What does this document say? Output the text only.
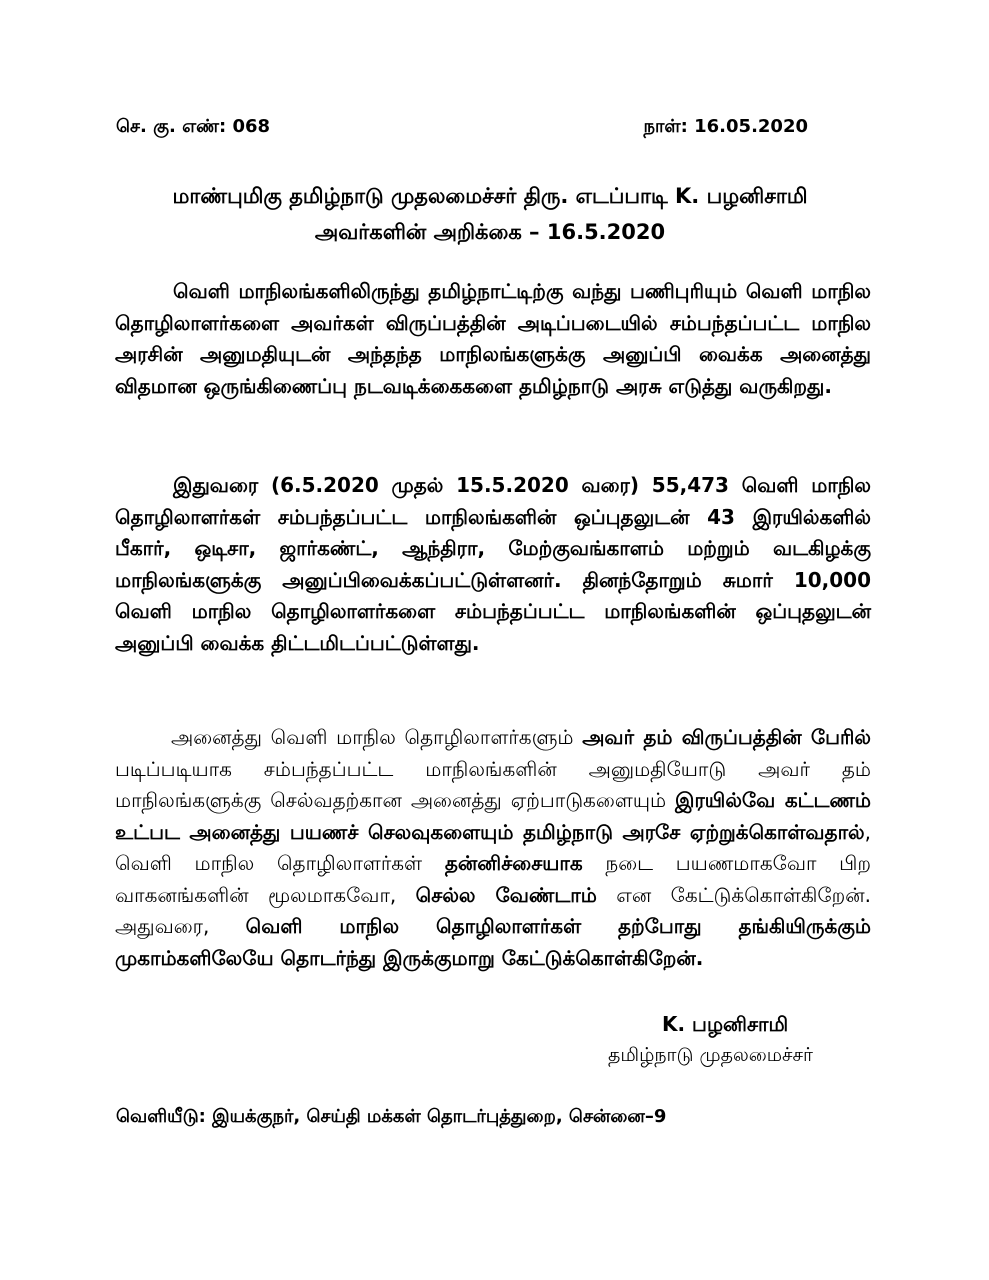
செ. கு. எண்: 068	நாள்: 16.05.2020
மாண்புமிகு தமிழ்நாடு முதலமைச்சர் திரு. எடப்பாடி K. பழனிசாமி
அவர்களின் அறிக்கை – 16.5.2020
வெளி மாநிலங்களிலிருந்து தமிழ்நாட்டிற்கு வந்து பணிபுரியும் வெளி மாநில தொழிலாளர்களை அவர்கள் விருப்பத்தின் அடிப்படையில் சம்பந்தப்பட்ட மாநில அரசின் அனுமதியுடன் அந்தந்த மாநிலங்களுக்கு அனுப்பி வைக்க அனைத்து விதமான ஒருங்கிணைப்பு நடவடிக்கைகளை தமிழ்நாடு அரசு எடுத்து வருகிறது.
இதுவரை (6.5.2020 முதல் 15.5.2020 வரை) 55,473 வெளி மாநில தொழிலாளர்கள் சம்பந்தப்பட்ட மாநிலங்களின் ஒப்புதலுடன் 43 இரயில்களில் பீகார், ஒடிசா, ஜார்கண்ட், ஆந்திரா, மேற்குவங்காளம் மற்றும் வடகிழக்கு மாநிலங்களுக்கு அனுப்பிவைக்கப்பட்டுள்ளனர். தினந்தோறும் சுமார் 10,000 வெளி மாநில தொழிலாளர்களை சம்பந்தப்பட்ட மாநிலங்களின் ஒப்புதலுடன் அனுப்பி வைக்க திட்டமிடப்பட்டுள்ளது.
அனைத்து வெளி மாநில தொழிலாளர்களும் அவர் தம் விருப்பத்தின் பேரில் படிப்படியாக சம்பந்தப்பட்ட மாநிலங்களின் அனுமதியோடு அவர் தம் மாநிலங்களுக்கு செல்வதற்கான அனைத்து ஏற்பாடுகளையும் இரயில்வே கட்டணம் உட்பட அனைத்து பயணச் செலவுகளையும் தமிழ்நாடு அரசே ஏற்றுக்கொள்வதால், வெளி மாநில தொழிலாளர்கள் தன்னிச்சையாக நடை பயணமாகவோ பிற வாகனங்களின் மூலமாகவோ, செல்ல வேண்டாம் என கேட்டுக்கொள்கிறேன். அதுவரை, வெளி மாநில தொழிலாளர்கள் தற்போது தங்கியிருக்கும் முகாம்களிலேயே தொடர்ந்து இருக்குமாறு கேட்டுக்கொள்கிறேன்.
K. பழனிசாமி
தமிழ்நாடு முதலமைச்சர்
வெளியீடு: இயக்குநர், செய்தி மக்கள் தொடர்புத்துறை, சென்னை–9
